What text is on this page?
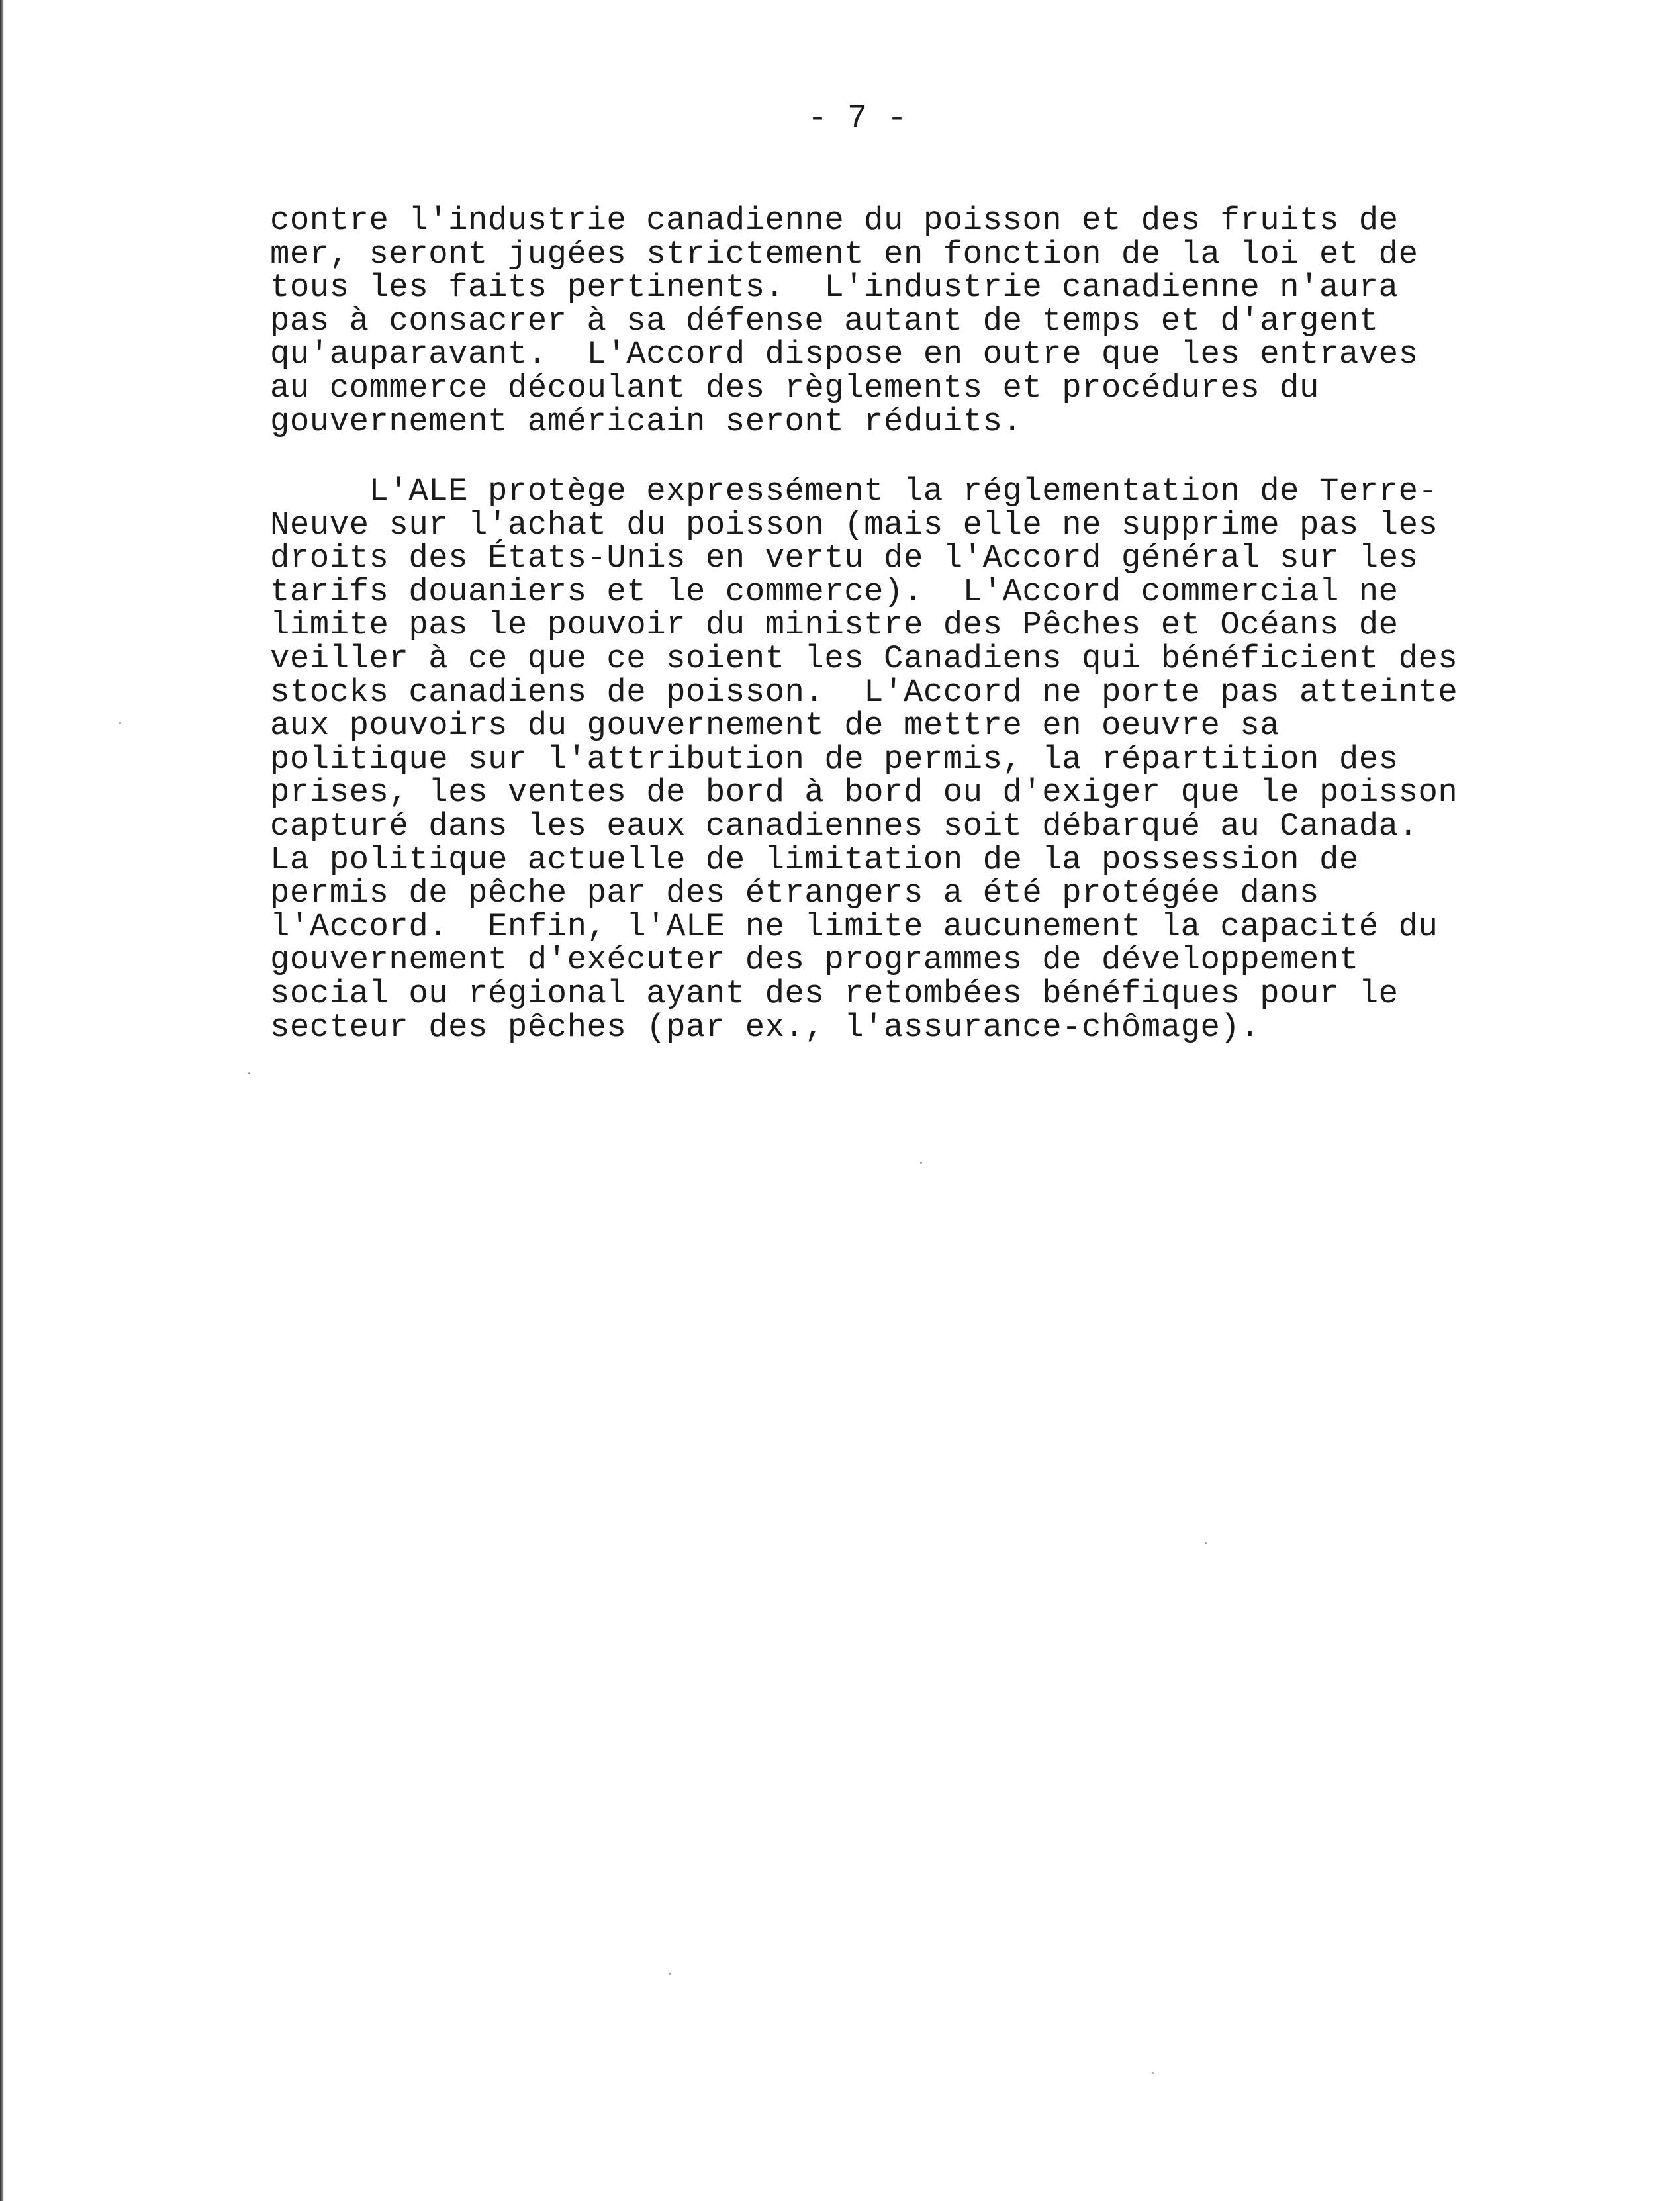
- 7 -
contre l'industrie canadienne du poisson et des fruits de
mer, seront jugées strictement en fonction de la loi et de
tous les faits pertinents.  L'industrie canadienne n'aura
pas à consacrer à sa défense autant de temps et d'argent
qu'auparavant.  L'Accord dispose en outre que les entraves
au commerce découlant des règlements et procédures du
gouvernement américain seront réduits.
L'ALE protège expressément la réglementation de Terre-
Neuve sur l'achat du poisson (mais elle ne supprime pas les
droits des États-Unis en vertu de l'Accord général sur les
tarifs douaniers et le commerce).  L'Accord commercial ne
limite pas le pouvoir du ministre des Pêches et Océans de
veiller à ce que ce soient les Canadiens qui bénéficient des
stocks canadiens de poisson.  L'Accord ne porte pas atteinte
aux pouvoirs du gouvernement de mettre en oeuvre sa
politique sur l'attribution de permis, la répartition des
prises, les ventes de bord à bord ou d'exiger que le poisson
capturé dans les eaux canadiennes soit débarqué au Canada.
La politique actuelle de limitation de la possession de
permis de pêche par des étrangers a été protégée dans
l'Accord.  Enfin, l'ALE ne limite aucunement la capacité du
gouvernement d'exécuter des programmes de développement
social ou régional ayant des retombées bénéfiques pour le
secteur des pêches (par ex., l'assurance-chômage).
